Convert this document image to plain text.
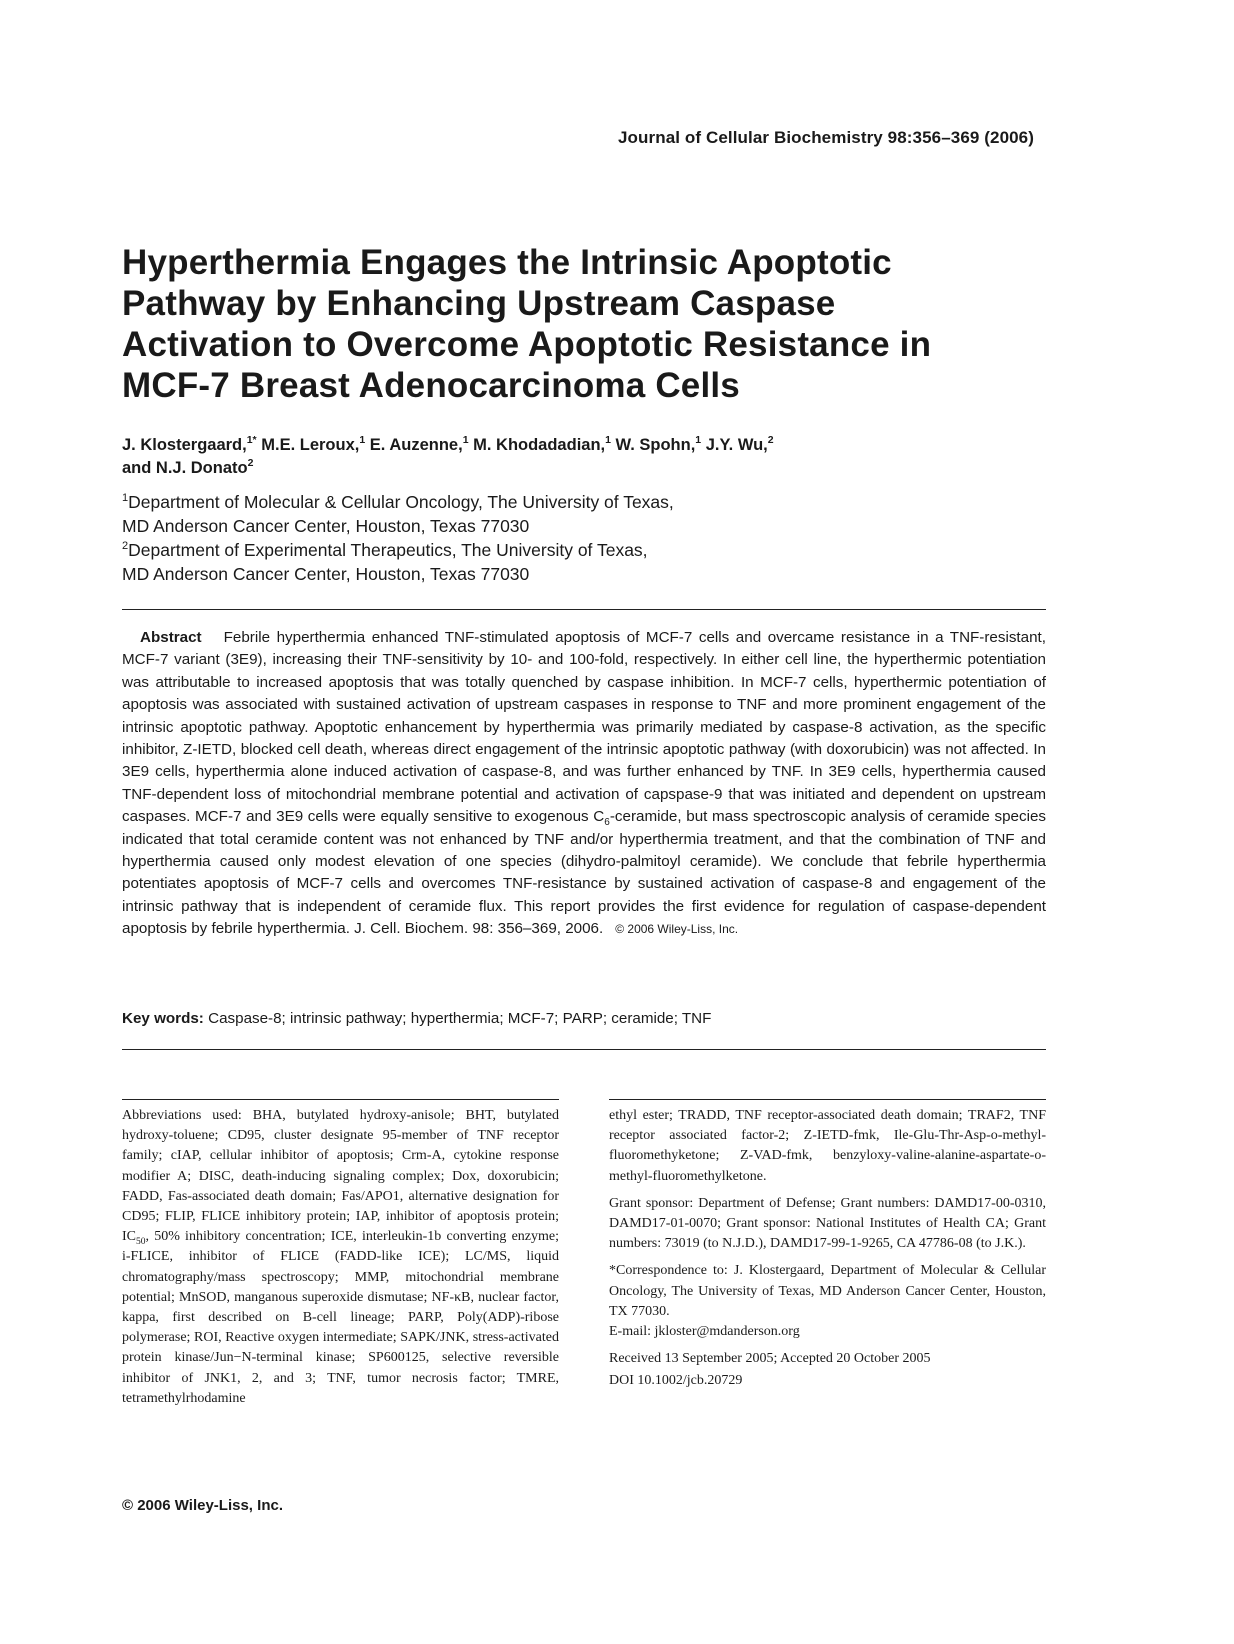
Journal of Cellular Biochemistry 98:356–369 (2006)
Hyperthermia Engages the Intrinsic Apoptotic
Pathway by Enhancing Upstream Caspase
Activation to Overcome Apoptotic Resistance in
MCF-7 Breast Adenocarcinoma Cells
J. Klostergaard,$^{1*}$ M.E. Leroux,$^1$ E. Auzenne,$^1$ M. Khodadadian,$^1$ W. Spohn,$^1$ J.Y. Wu,$^2$
and N.J. Donato$^2$
$^1$Department of Molecular & Cellular Oncology, The University of Texas,
MD Anderson Cancer Center, Houston, Texas 77030
$^2$Department of Experimental Therapeutics, The University of Texas,
MD Anderson Cancer Center, Houston, Texas 77030

Abstract Febrile hyperthermia enhanced TNF-stimulated apoptosis of MCF-7 cells and overcame resistance in a TNF-resistant, MCF-7 variant (3E9), increasing their TNF-sensitivity by 10- and 100-fold, respectively. In either cell line, the hyperthermic potentiation was attributable to increased apoptosis that was totally quenched by caspase inhibition. In MCF-7 cells, hyperthermic potentiation of apoptosis was associated with sustained activation of upstream caspases in response to TNF and more prominent engagement of the intrinsic apoptotic pathway. Apoptotic enhancement by hyperthermia was primarily mediated by caspase-8 activation, as the specific inhibitor, Z-IETD, blocked cell death, whereas direct engagement of the intrinsic apoptotic pathway (with doxorubicin) was not affected. In 3E9 cells, hyperthermia alone induced activation of caspase-8, and was further enhanced by TNF. In 3E9 cells, hyperthermia caused TNF-dependent loss of mitochondrial membrane potential and activation of capspase-9 that was initiated and dependent on upstream caspases. MCF-7 and 3E9 cells were equally sensitive to exogenous $C_6$-ceramide, but mass spectroscopic analysis of ceramide species indicated that total ceramide content was not enhanced by TNF and/or hyperthermia treatment, and that the combination of TNF and hyperthermia caused only modest elevation of one species (dihydro-palmitoyl ceramide). We conclude that febrile hyperthermia potentiates apoptosis of MCF-7 cells and overcomes TNF-resistance by sustained activation of caspase-8 and engagement of the intrinsic pathway that is independent of ceramide flux. This report provides the first evidence for regulation of caspase-dependent apoptosis by febrile hyperthermia. J. Cell. Biochem. 98: 356–369, 2006. © 2006 Wiley-Liss, Inc.

Key words: Caspase-8; intrinsic pathway; hyperthermia; MCF-7; PARP; ceramide; TNF
Abbreviations used: BHA, butylated hydroxy-anisole; BHT, butylated hydroxy-toluene; CD95, cluster designate 95-member of TNF receptor family; cIAP, cellular inhibitor of apoptosis; Crm-A, cytokine response modifier A; DISC, death-inducing signaling complex; Dox, doxorubicin; FADD, Fas-associated death domain; Fas/APO1, alternative designation for CD95; FLIP, FLICE inhibitory protein; IAP, inhibitor of apoptosis protein; $IC_{50}$, 50% inhibitory concentration; ICE, interleukin-1b converting enzyme; i-FLICE, inhibitor of FLICE (FADD-like ICE); LC/MS, liquid chromatography/mass spectroscopy; MMP, mitochondrial membrane potential; MnSOD, manganous superoxide dismutase; NF-κB, nuclear factor, kappa, first described on B-cell lineage; PARP, Poly(ADP)-ribose polymerase; ROI, Reactive oxygen intermediate; SAPK/JNK, stress-activated protein kinase/Jun−N-terminal kinase; SP600125, selective reversible inhibitor of JNK1, 2, and 3; TNF, tumor necrosis factor; TMRE, tetramethylrhodamine

ethyl ester; TRADD, TNF receptor-associated death domain; TRAF2, TNF receptor associated factor-2; Z-IETD-fmk, Ile-Glu-Thr-Asp-o-methyl-fluoromethyketone; Z-VAD-fmk, benzyloxy-valine-alanine-aspartate-o-methyl-fluoromethylketone.

Grant sponsor: Department of Defense; Grant numbers: DAMD17-00-0310, DAMD17-01-0070; Grant sponsor: National Institutes of Health CA; Grant numbers: 73019 (to N.J.D.), DAMD17-99-1-9265, CA 47786-08 (to J.K.).

*Correspondence to: J. Klostergaard, Department of Molecular & Cellular Oncology, The University of Texas, MD Anderson Cancer Center, Houston, TX 77030.
E-mail: jkloster@mdanderson.org

Received 13 September 2005; Accepted 20 October 2005

DOI 10.1002/jcb.20729

© 2006 Wiley-Liss, Inc.
